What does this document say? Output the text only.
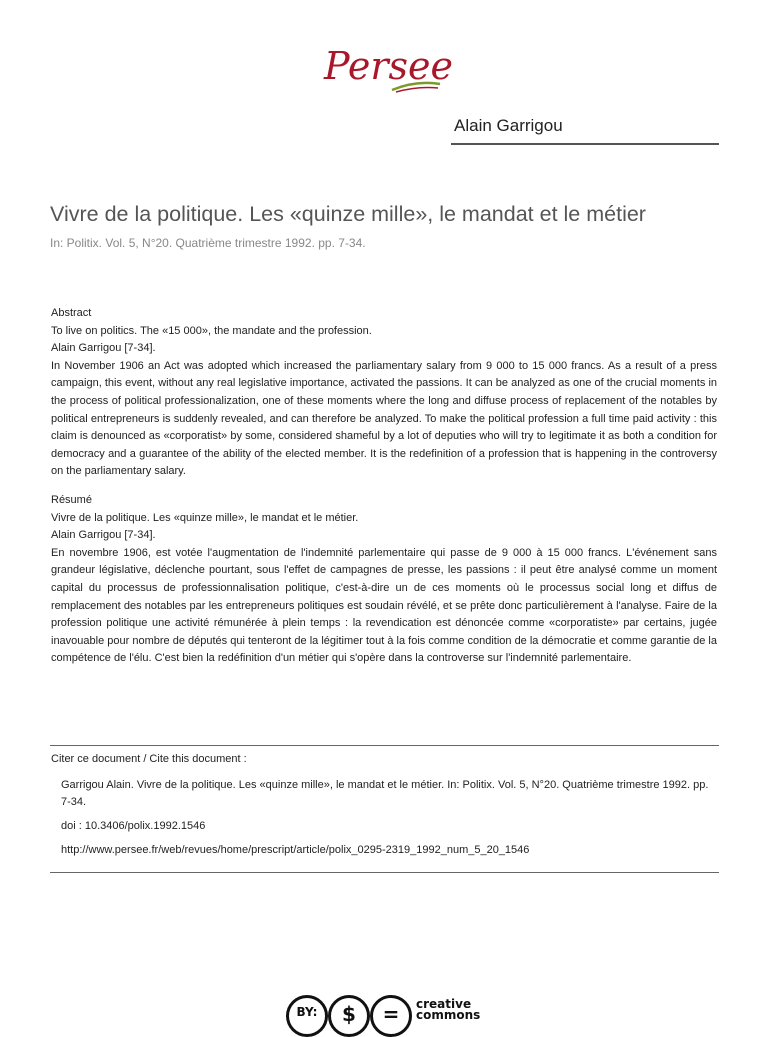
Persee
Alain Garrigou
Vivre de la politique. Les «quinze mille», le mandat et le métier
In: Politix. Vol. 5, N°20. Quatrième trimestre 1992. pp. 7-34.

Abstract

To live on politics. The «15 000», the mandate and the profession.

Alain Garrigou [7-34].

In November 1906 an Act was adopted which increased the parliamentary salary from 9 000 to 15 000 francs. As a result of a press campaign, this event, without any real legislative importance, activated the passions. It can be analyzed as one of the crucial moments in the process of political professionalization, one of these moments where the long and diffuse process of replacement of the notables by political entrepreneurs is suddenly revealed, and can therefore be analyzed. To make the political profession a full time paid activity : this claim is denounced as «corporatist» by some, considered shameful by a lot of deputies who will try to legitimate it as both a condition for democracy and a guarantee of the ability of the elected member. It is the redefinition of a profession that is happening in the controversy on the parliamentary salary.

Résumé

Vivre de la politique. Les «quinze mille», le mandat et le métier.

Alain Garrigou [7-34].

En novembre 1906, est votée l'augmentation de l'indemnité parlementaire qui passe de 9 000 à 15 000 francs. L'événement sans grandeur législative, déclenche pourtant, sous l'effet de campagnes de presse, les passions : il peut être analysé comme un moment capital du processus de professionnalisation politique, c'est-à-dire un de ces moments où le processus social long et diffus de remplacement des notables par les entrepreneurs politiques est soudain révélé, et se prête donc particulièrement à l'analyse. Faire de la profession politique une activité rémunérée à plein temps : la revendication est dénoncée comme «corporatiste» par certains, jugée inavouable pour nombre de députés qui tenteront de la légitimer tout à la fois comme condition de la démocratie et comme garantie de la compétence de l'élu. C'est bien la redéfinition d'un métier qui s'opère dans la controverse sur l'indemnité parlementaire.

Citer ce document / Cite this document :

Garrigou Alain. Vivre de la politique. Les «quinze mille», le mandat et le métier. In: Politix. Vol. 5, N°20. Quatrième trimestre 1992. pp. 7-34.

doi : 10.3406/polix.1992.1546

http://www.persee.fr/web/revues/home/prescript/article/polix_0295-2319_1992_num_5_20_1546

BY:	$	=	creative
commons
